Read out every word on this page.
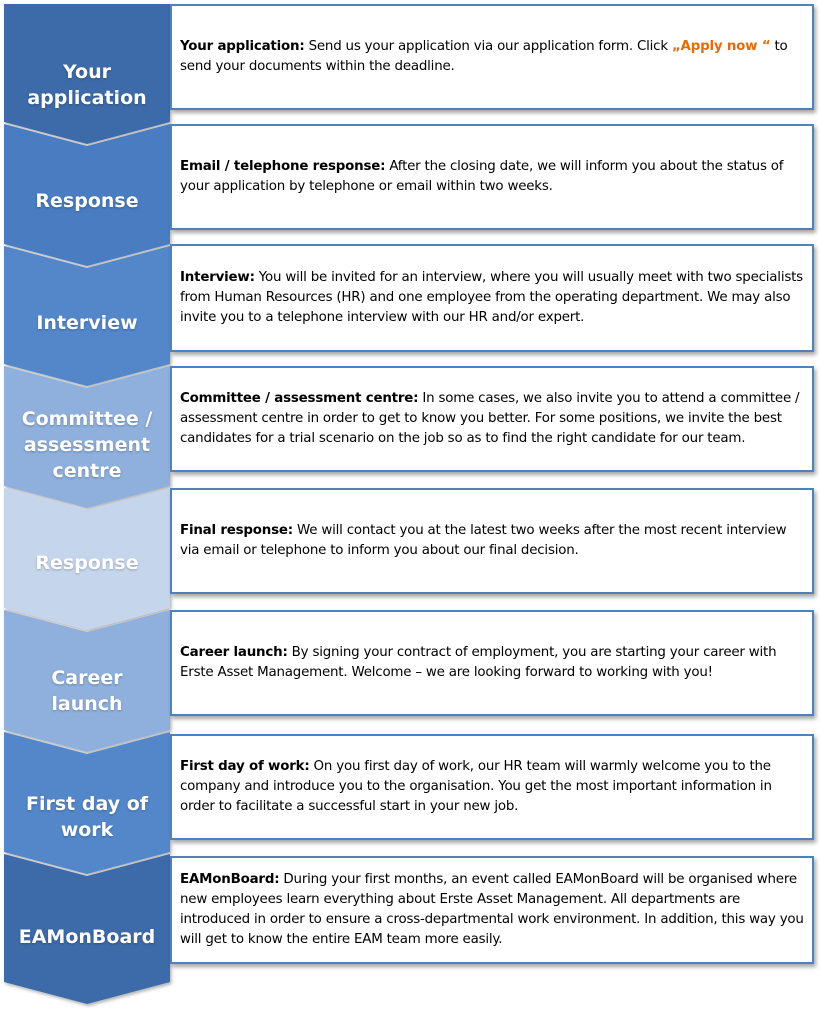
Your
application
Response
Interview
Committee /
assessment
centre
Response
Career
launch
First day of
work
EAMonBoard
Your application: Send us your application via our application form. Click „Apply now “ to send your documents within the deadline.
Email / telephone response: After the closing date, we will inform you about the status of your application by telephone or email within two weeks.
Interview: You will be invited for an interview, where you will usually meet with two specialists from Human Resources (HR) and one employee from the operating department. We may also invite you to a telephone interview with our HR and/or expert.
Committee / assessment centre: In some cases, we also invite you to attend a committee / assessment centre in order to get to know you better. For some positions, we invite the best candidates for a trial scenario on the job so as to find the right candidate for our team.
Final response: We will contact you at the latest two weeks after the most recent interview via email or telephone to inform you about our final decision.
Career launch: By signing your contract of employment, you are starting your career with Erste Asset Management. Welcome – we are looking forward to working with you!
First day of work: On you first day of work, our HR team will warmly welcome you to the company and introduce you to the organisation. You get the most important information in order to facilitate a successful start in your new job.
EAMonBoard: During your first months, an event called EAMonBoard will be organised where new employees learn everything about Erste Asset Management. All departments are introduced in order to ensure a cross-departmental work environment. In addition, this way you will get to know the entire EAM team more easily.
